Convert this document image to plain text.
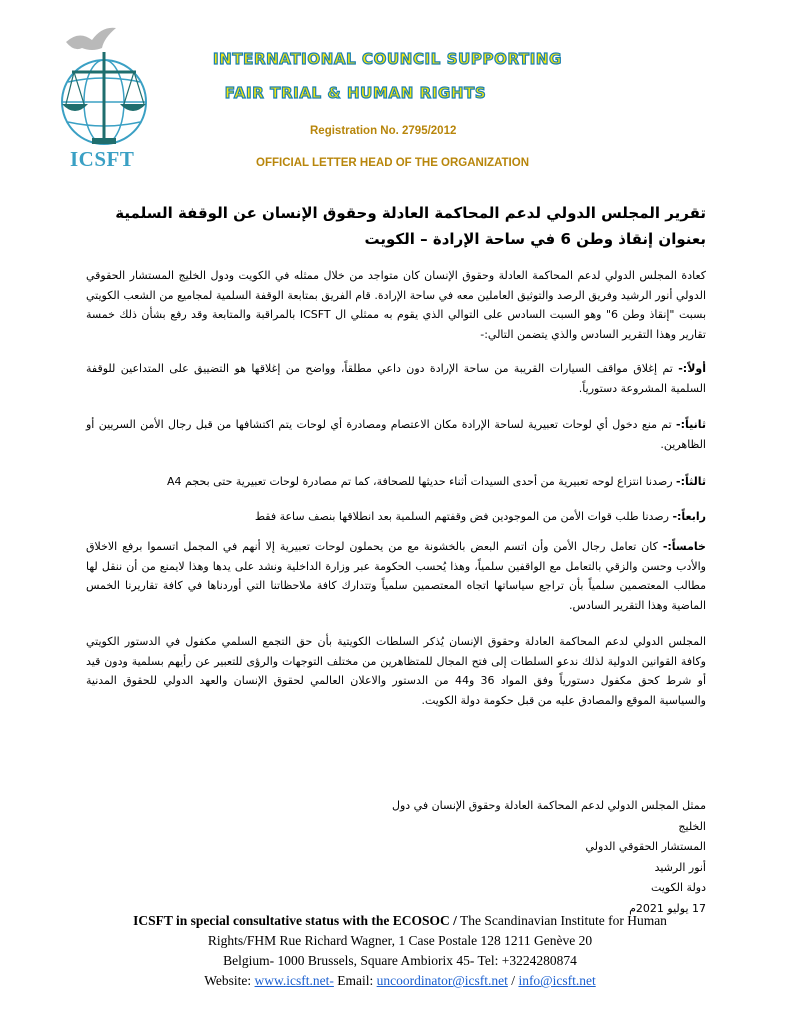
ICSFT
INTERNATIONAL COUNCIL SUPPORTING
FAIR TRIAL & HUMAN RIGHTS
Registration No. 2795/2012
OFFICIAL LETTER HEAD OF THE ORGANIZATION
تقرير المجلس الدولي لدعم المحاكمة العادلة وحقوق الإنسان عن الوقفة السلمية بعنوان إنقاذ وطن 6 في ساحة الإرادة – الكويت
كعادة المجلس الدولي لدعم المحاكمة العادلة وحقوق الإنسان كان متواجد من خلال ممثله في الكويت ودول الخليج المستشار الحقوقي الدولي أنور الرشيد وفريق الرصد والتوثيق العاملين معه في ساحة الإرادة. قام الفريق بمتابعة الوقفة السلمية لمجاميع من الشعب الكويتي بسبت "إنقاذ وطن 6" وهو السبت السادس على التوالي الذي يقوم به ممثلي ال ICSFT بالمراقبة والمتابعة وقد رفع بشأن ذلك خمسة تقارير وهذا التقرير السادس والذي يتضمن التالي:-
أولاً:- تم إغلاق مواقف السيارات القريبة من ساحة الإرادة دون داعي مطلقاً، وواضح من إغلاقها هو التضييق على المتداعين للوقفة السلمية المشروعة دستورياً.
ثانياً:- تم منع دخول أي لوحات تعبيرية لساحة الإرادة مكان الاعتصام ومصادرة أي لوحات يتم اكتشافها من قبل رجال الأمن السريين أو الظاهرين.
ثالثاً:- رصدنا انتزاع لوحه تعبيرية من أحدى السيدات أثناء حديثها للصحافة، كما تم مصادرة لوحات تعبيرية حتى بحجم A4
رابعاً:- رصدنا طلب قوات الأمن من الموجودين فض وقفتهم السلمية بعد انطلاقها بنصف ساعة فقط
خامساً:- كان تعامل رجال الأمن وأن اتسم البعض بالخشونة مع من يحملون لوحات تعبيرية إلا أنهم في المجمل اتسموا برفع الاخلاق والأدب وحسن والزقي بالتعامل مع الواقفين سلمياً، وهذا يُحسب الحكومة عبر وزارة الداخلية ونشد على يدها وهذا لايمنع من أن ننقل لها مطالب المعتصمين سلمياً بأن تراجع سياساتها اتجاه المعتصمين سلمياً وتتدارك كافة ملاحظاتنا التي أوردناها في كافة تقاريرنا الخمس الماضية وهذا التقرير السادس.
المجلس الدولي لدعم المحاكمة العادلة وحقوق الإنسان يُذكر السلطات الكويتية بأن حق التجمع السلمي مكفول في الدستور الكويتي وكافة القوانين الدولية لذلك ندعو السلطات إلى فتح المجال للمتظاهرين من مختلف التوجهات والرؤى للتعبير عن رأيهم بسلمية ودون قيد أو شرط كحق مكفول دستورياً وفق المواد 36 و44 من الدستور والاعلان العالمي لحقوق الإنسان والعهد الدولي للحقوق المدنية والسياسية الموقع والمصادق عليه من قبل حكومة دولة الكويت.
ممثل المجلس الدولي لدعم المحاكمة العادلة وحقوق الإنسان في دول الخليج
المستشار الحقوقي الدولي
أنور الرشيد
دولة الكويت
17 يوليو 2021م
ICSFT in special consultative status with the ECOSOC / The Scandinavian Institute for Human
Rights/FHM Rue Richard Wagner, 1 Case Postale 128 1211 Genève 20
Belgium- 1000 Brussels, Square Ambiorix 45- Tel: +3224280874
Website: www.icsft.net- Email: uncoordinator@icsft.net / info@icsft.net
